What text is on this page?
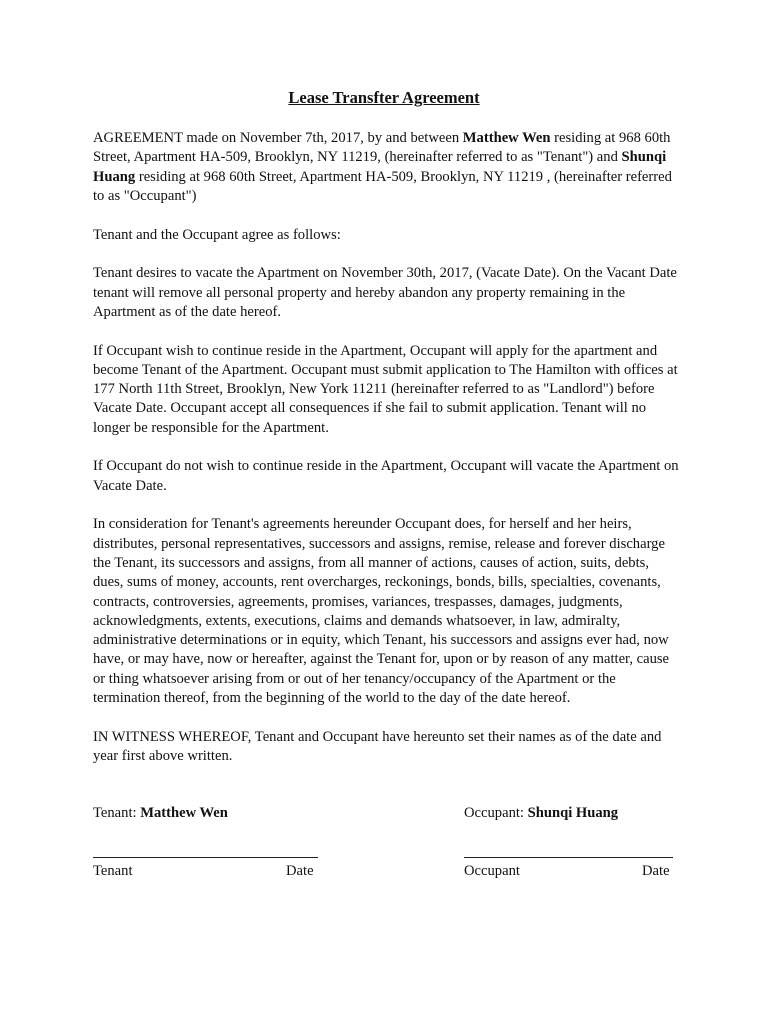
Lease Transfter Agreement

AGREEMENT made on November 7th, 2017, by and between Matthew Wen residing at 968 60th Street, Apartment HA-509, Brooklyn, NY 11219, (hereinafter referred to as "Tenant") and Shunqi Huang residing at 968 60th Street, Apartment HA-509, Brooklyn, NY 11219 , (hereinafter referred to as "Occupant")

Tenant and the Occupant agree as follows:

Tenant desires to vacate the Apartment on November 30th, 2017, (Vacate Date). On the Vacant Date tenant will remove all personal property and hereby abandon any property remaining in the Apartment as of the date hereof.

If Occupant wish to continue reside in the Apartment, Occupant will apply for the apartment and become Tenant of the Apartment. Occupant must submit application to The Hamilton with offices at 177 North 11th Street, Brooklyn, New York 11211 (hereinafter referred to as "Landlord") before Vacate Date. Occupant accept all consequences if she fail to submit application. Tenant will no longer be responsible for the Apartment.

If Occupant do not wish to continue reside in the Apartment, Occupant will vacate the Apartment on Vacate Date.

In consideration for Tenant's agreements hereunder Occupant does, for herself and her heirs, distributes, personal representatives, successors and assigns, remise, release and forever discharge the Tenant, its successors and assigns, from all manner of actions, causes of action, suits, debts, dues, sums of money, accounts, rent overcharges, reckonings, bonds, bills, specialties, covenants, contracts, controversies, agreements, promises, variances, trespasses, damages, judgments, acknowledgments, extents, executions, claims and demands whatsoever, in law, admiralty, administrative determinations or in equity, which Tenant, his successors and assigns ever had, now have, or may have, now or hereafter, against the Tenant for, upon or by reason of any matter, cause or thing whatsoever arising from or out of her tenancy/occupancy of the Apartment or the termination thereof, from the beginning of the world to the day of the date hereof.

IN WITNESS WHEREOF, Tenant and Occupant have hereunto set their names as of the date and year first above written.

Tenant: Matthew Wen	Occupant: Shunqi Huang
Tenant	Date	Occupant	Date
